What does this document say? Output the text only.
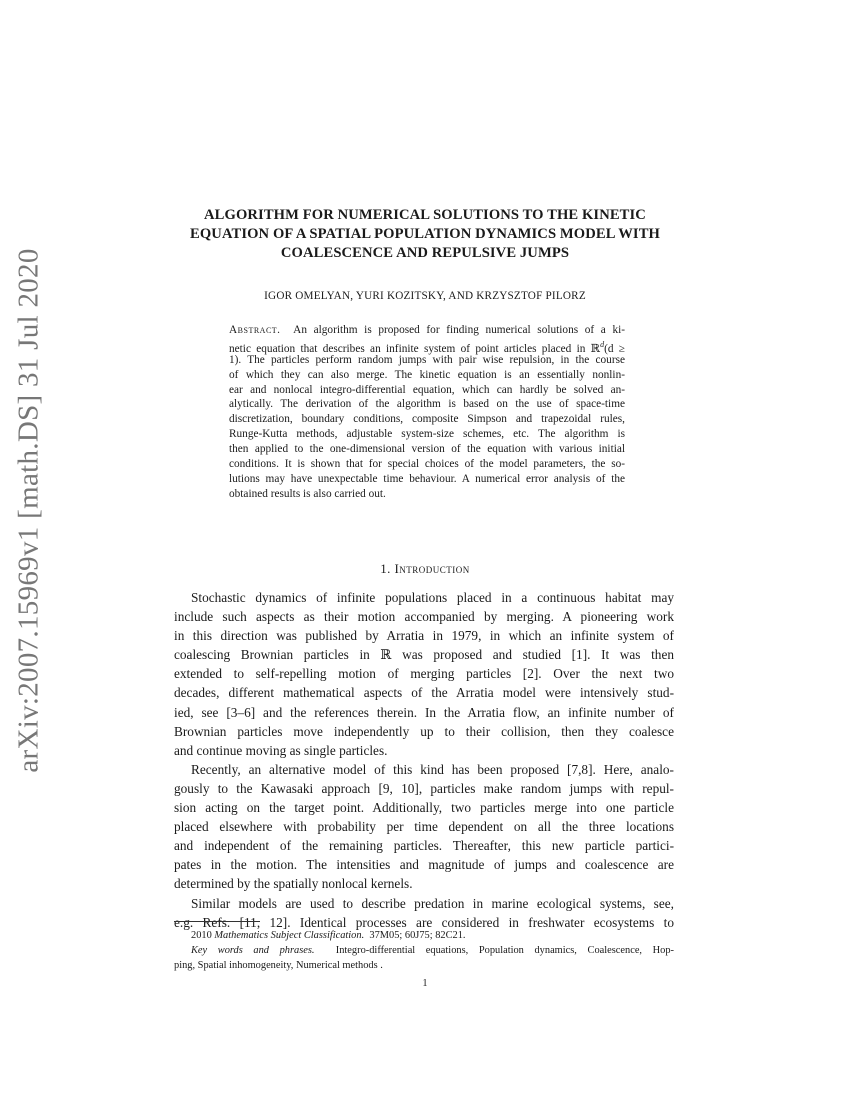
arXiv:2007.15969v1 [math.DS] 31 Jul 2020
ALGORITHM FOR NUMERICAL SOLUTIONS TO THE KINETIC
EQUATION OF A SPATIAL POPULATION DYNAMICS MODEL WITH
COALESCENCE AND REPULSIVE JUMPS
IGOR OMELYAN, YURI KOZITSKY, AND KRZYSZTOF PILORZ
Abstract. An algorithm is proposed for finding numerical solutions of a ki-
netic equation that describes an infinite system of point articles placed in ℝ$^d$(d ≥
1). The particles perform random jumps with pair wise repulsion, in the course
of which they can also merge. The kinetic equation is an essentially nonlin-
ear and nonlocal integro-differential equation, which can hardly be solved an-
alytically. The derivation of the algorithm is based on the use of space-time
discretization, boundary conditions, composite Simpson and trapezoidal rules,
Runge-Kutta methods, adjustable system-size schemes, etc. The algorithm is
then applied to the one-dimensional version of the equation with various initial
conditions. It is shown that for special choices of the model parameters, the so-
lutions may have unexpectable time behaviour. A numerical error analysis of the
obtained results is also carried out.
1. Introduction
Stochastic dynamics of infinite populations placed in a continuous habitat may
include such aspects as their motion accompanied by merging. A pioneering work
in this direction was published by Arratia in 1979, in which an infinite system of
coalescing Brownian particles in ℝ was proposed and studied [1]. It was then
extended to self-repelling motion of merging particles [2]. Over the next two
decades, different mathematical aspects of the Arratia model were intensively stud-
ied, see [3–6] and the references therein. In the Arratia flow, an infinite number of
Brownian particles move independently up to their collision, then they coalesce
and continue moving as single particles.
Recently, an alternative model of this kind has been proposed [7,8]. Here, analo-
gously to the Kawasaki approach [9, 10], particles make random jumps with repul-
sion acting on the target point. Additionally, two particles merge into one particle
placed elsewhere with probability per time dependent on all the three locations
and independent of the remaining particles. Thereafter, this new particle partici-
pates in the motion. The intensities and magnitude of jumps and coalescence are
determined by the spatially nonlocal kernels.
Similar models are used to describe predation in marine ecological systems, see,
e.g. Refs. [11, 12]. Identical processes are considered in freshwater ecosystems to
2010 Mathematics Subject Classification. 37M05; 60J75; 82C21.
Key words and phrases. Integro-differential equations, Population dynamics, Coalescence, Hop-
ping, Spatial inhomogeneity, Numerical methods .
1
